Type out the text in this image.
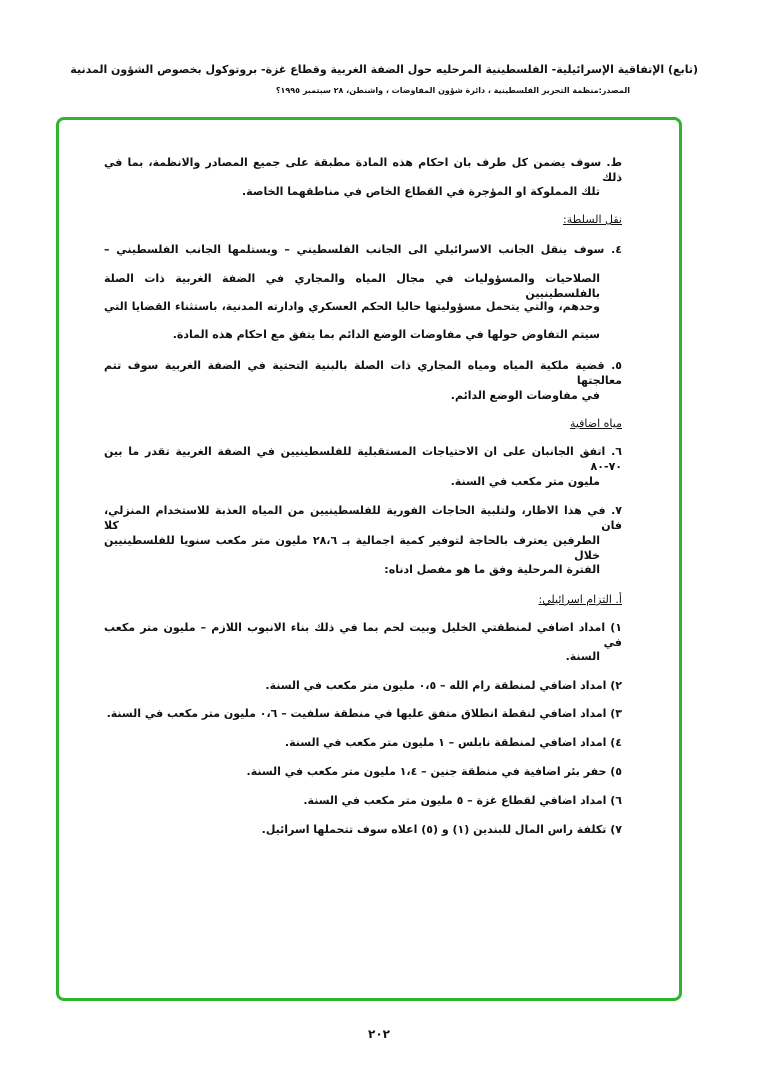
(تابع) الإتفاقية الإسرائيلية- الفلسطينية المرحليه حول الضفة الغربية وقطاع غزة- بروتوكول بخصوص الشؤون المدنية
المصدر:منظمة التحرير الفلسطينية ، دائرة شؤون المفاوضات ، واشنطن، ٢٨ سبتمبر ١٩٩٥؟
ط. سوف يضمن كل طرف بان احكام هذه المادة مطبقة على جميع المصادر والانظمة، بما في ذلك
تلك المملوكة او المؤجرة في القطاع الخاص في مناطقهما الخاصة.
نقل السلطة:
٤. سوف ينقل الجانب الاسرائيلي الى الجانب الفلسطيني – ويستلمها الجانب الفلسطيني –
الصلاحيات والمسؤوليات في مجال المياه والمجاري في الضفة الغربية ذات الصلة بالفلسطينيين
وحدهم، والتي يتحمل مسؤوليتها حاليا الحكم العسكري وادارته المدنية، باستثناء القضايا التي
سيتم التفاوض حولها في مفاوضات الوضع الدائم بما يتفق مع احكام هذه المادة.
٥. قضية ملكية المياه ومياه المجاري ذات الصلة بالبنية التحتية في الضفة الغربية سوف تتم معالجتها
في مفاوضات الوضع الدائم.
مياه اضافية
٦. اتفق الجانبان على ان الاحتياجات المستقبلية للفلسطينيين في الضفة الغربية تقدر ما بين ٧٠-٨٠
مليون متر مكعب في السنة.
٧. في هذا الاطار، ولتلبية الحاجات الفورية للفلسطينيين من المياه العذبة للاستخدام المنزلي، فان كلا
الطرفين يعترف بالحاجة لتوفير كمية اجمالية بـ ٢٨،٦ مليون متر مكعب سنويا للفلسطينيين خلال
الفترة المرحلية وفق ما هو مفصل ادناه:
أ. التزام اسرائيلي:
١) امداد اضافي لمنطقتي الخليل وبيت لحم بما في ذلك بناء الانبوب اللازم – مليون متر مكعب في
السنة.
٢) امداد اضافي لمنطقة رام الله – ٠،٥ مليون متر مكعب في السنة.
٣) امداد اضافي لنقطة انطلاق متفق عليها في منطقة سلفيت – ٠،٦ مليون متر مكعب في السنة.
٤) امداد اضافي لمنطقة نابلس – ١ مليون متر مكعب في السنة.
٥) حفر بئر اضافية في منطقة جنين – ١،٤ مليون متر مكعب في السنة.
٦) امداد اضافي لقطاع غزة – ٥ مليون متر مكعب في السنة.
٧) تكلفة راس المال للبندين (١) و (٥) اعلاه سوف تتحملها اسرائيل.
٢٠٢
